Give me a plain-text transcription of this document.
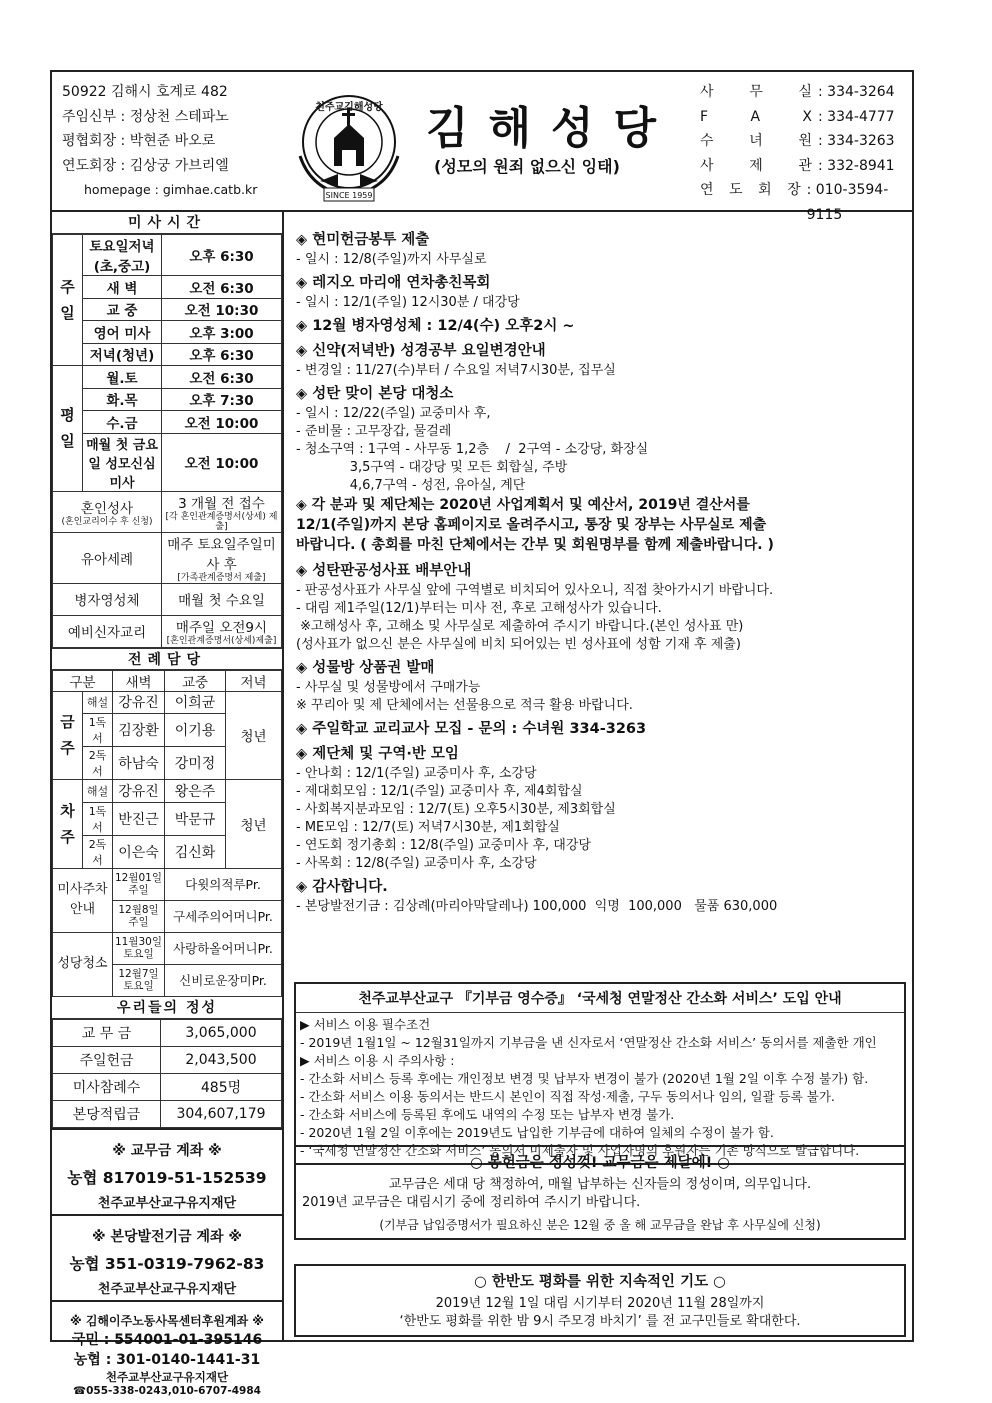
50922 김해시 호계로 482
주임신부 : 정상천 스테파노
평협회장 : 박현준 바오로
연도회장 : 김상궁 가브리엘
homepage : gimhae.catb.kr
천주교김해성당
SINCE 1959
김해성당
(성모의 원죄 없으신 잉태)
사	무	실 : 334-3264
F	A	X : 334-4777
수	녀	원 : 334-3263
사	제	관 : 332-8941
연 도 회 장 : 010-3594-9115
미사시간
주
일	토요일저녁(초,중고)	오후 6:30
	새 벽	오전 6:30
	교 중	오전 10:30
	영어 미사	오후 3:00
	저녁(청년)	오후 6:30
평
일	월.토	오전 6:30
	화.목	오후 7:30
	수.금	오전 10:00
	매월 첫 금요일 성모신심미사	오전 10:00
혼인성사
(혼인교리이수 후 신청)		3 개월 전 접수
[각 혼인관계증명서(상세) 제출]

유아세례		매주 토요일주일미사 후
[가족관계증명서 제출]

병자영성체		매월 첫 수요일
예비신자교리		매주일 오전9시
[혼인관계증명서(상세)제출]
전례담당
구분		새벽	교중	저녁
금
주	해설	강유진	이희균	청년
	1독서	김장환	이기용	
	2독서	하남숙	강미정	
차
주	해설	강유진	왕은주	청년
	1독서	반진근	박문규	
	2독서	이은숙	김신화	
미사주차안내		12월01일 주일	다윗의적루Pr.	
		12월8일 주일	구세주의어머니Pr.	
성당청소		11월30일 토요일	사랑하올어머니Pr.	
		12월7일 토요일	신비로운장미Pr.	
우리들의 정성
교 무 금	3,065,000
주일헌금	2,043,500
미사참례수	485명
본당적립금	304,607,179
※ 교무금 계좌 ※
농협 817019-51-152539
천주교부산교구유지재단
※ 본당발전기금 계좌 ※
농협 351-0319-7962-83
천주교부산교구유지재단
※ 김해이주노동사목센터후원계좌 ※
국민 : 554001-01-395146
농협 : 301-0140-1441-31
천주교부산교구유지재단
☎055-338-0243,010-6707-4984
◈ 현미헌금봉투 제출
- 일시 : 12/8(주일)까지 사무실로
◈ 레지오 마리애 연차총친목회
- 일시 : 12/1(주일) 12시30분 / 대강당
◈ 12월 병자영성체 : 12/4(수) 오후2시 ~
◈ 신약(저녁반) 성경공부 요일변경안내
- 변경일 : 11/27(수)부터 / 수요일 저녁7시30분, 집무실
◈ 성탄 맞이 본당 대청소
- 일시 : 12/22(주일) 교중미사 후,
- 준비물 : 고무장갑, 물걸레
- 청소구역 : 1구역 - 사무동 1,2층    /  2구역 - 소강당, 화장실
3,5구역 - 대강당 및 모든 회합실, 주방
4,6,7구역 - 성전, 유아실, 계단
◈ 각 분과 및 제단체는 2020년 사업계획서 및 예산서, 2019년 결산서를
12/1(주일)까지 본당 홈페이지로 올려주시고, 통장 및 장부는 사무실로 제출
바랍니다. ( 총회를 마친 단체에서는 간부 및 회원명부를 함께 제출바랍니다. )
◈ 성탄판공성사표 배부안내
- 판공성사표가 사무실 앞에 구역별로 비치되어 있사오니, 직접 찾아가시기 바랍니다.
- 대림 제1주일(12/1)부터는 미사 전, 후로 고해성사가 있습니다.
※고해성사 후, 고해소 및 사무실로 제출하여 주시기 바랍니다.(본인 성사표 만)
(성사표가 없으신 분은 사무실에 비치 되어있는 빈 성사표에 성함 기재 후 제출)
◈ 성물방 상품권 발매
- 사무실 및 성물방에서 구매가능
※ 꾸리아 및 제 단체에서는 선물용으로 적극 활용 바랍니다.
◈ 주일학교 교리교사 모집 - 문의 : 수녀원 334-3263
◈ 제단체 및 구역·반 모임
- 안나회 : 12/1(주일) 교중미사 후, 소강당
- 제대회모임 : 12/1(주일) 교중미사 후, 제4회합실
- 사회복지분과모임 : 12/7(토) 오후5시30분, 제3회합실
- ME모임 : 12/7(토) 저녁7시30분, 제1회합실
- 연도회 정기총회 : 12/8(주일) 교중미사 후, 대강당
- 사목회 : 12/8(주일) 교중미사 후, 소강당
◈ 감사합니다.
- 본당발전기금 : 김상례(마리아막달레나) 100,000  익명  100,000   물품 630,000
천주교부산교구 『기부금 영수증』 ‘국세청 연말정산 간소화 서비스’ 도입 안내
▶ 서비스 이용 필수조건
- 2019년 1월1일 ~ 12월31일까지 기부금을 낸 신자로서 ‘연말정산 간소화 서비스’ 동의서를 제출한 개인
▶ 서비스 이용 시 주의사항 :
- 간소화 서비스 등록 후에는 개인정보 변경 및 납부자 변경이 불가 (2020년 1월 2일 이후 수정 불가) 함.
- 간소화 서비스 이용 동의서는 반드시 본인이 직접 작성·제출, 구두 동의서나 임의, 일괄 등록 불가.
- 간소화 서비스에 등록된 후에도 내역의 수정 또는 납부자 변경 불가.
- 2020년 1월 2일 이후에는 2019년도 납입한 기부금에 대하여 일체의 수정이 불가 함.
- ‘국세청 연말정산 간소화 서비스’ 동의서 미제출자 및 사업자명의 후원자는 기존 방식으로 발급합니다.
○ 봉헌금은 정성껏! 교무금은 제달에! ○
교무금은 세대 당 책정하여, 매월 납부하는 신자들의 정성이며, 의무입니다.
2019년 교무금은 대림시기 중에 정리하여 주시기 바랍니다.
(기부금 납입증명서가 필요하신 분은 12월 중 올 해 교무금을 완납 후 사무실에 신청)
○ 한반도 평화를 위한 지속적인 기도 ○
2019년 12월 1일 대림 시기부터 2020년 11월 28일까지
‘한반도 평화를 위한 밤 9시 주모경 바치기’ 를 전 교구민들로 확대한다.
